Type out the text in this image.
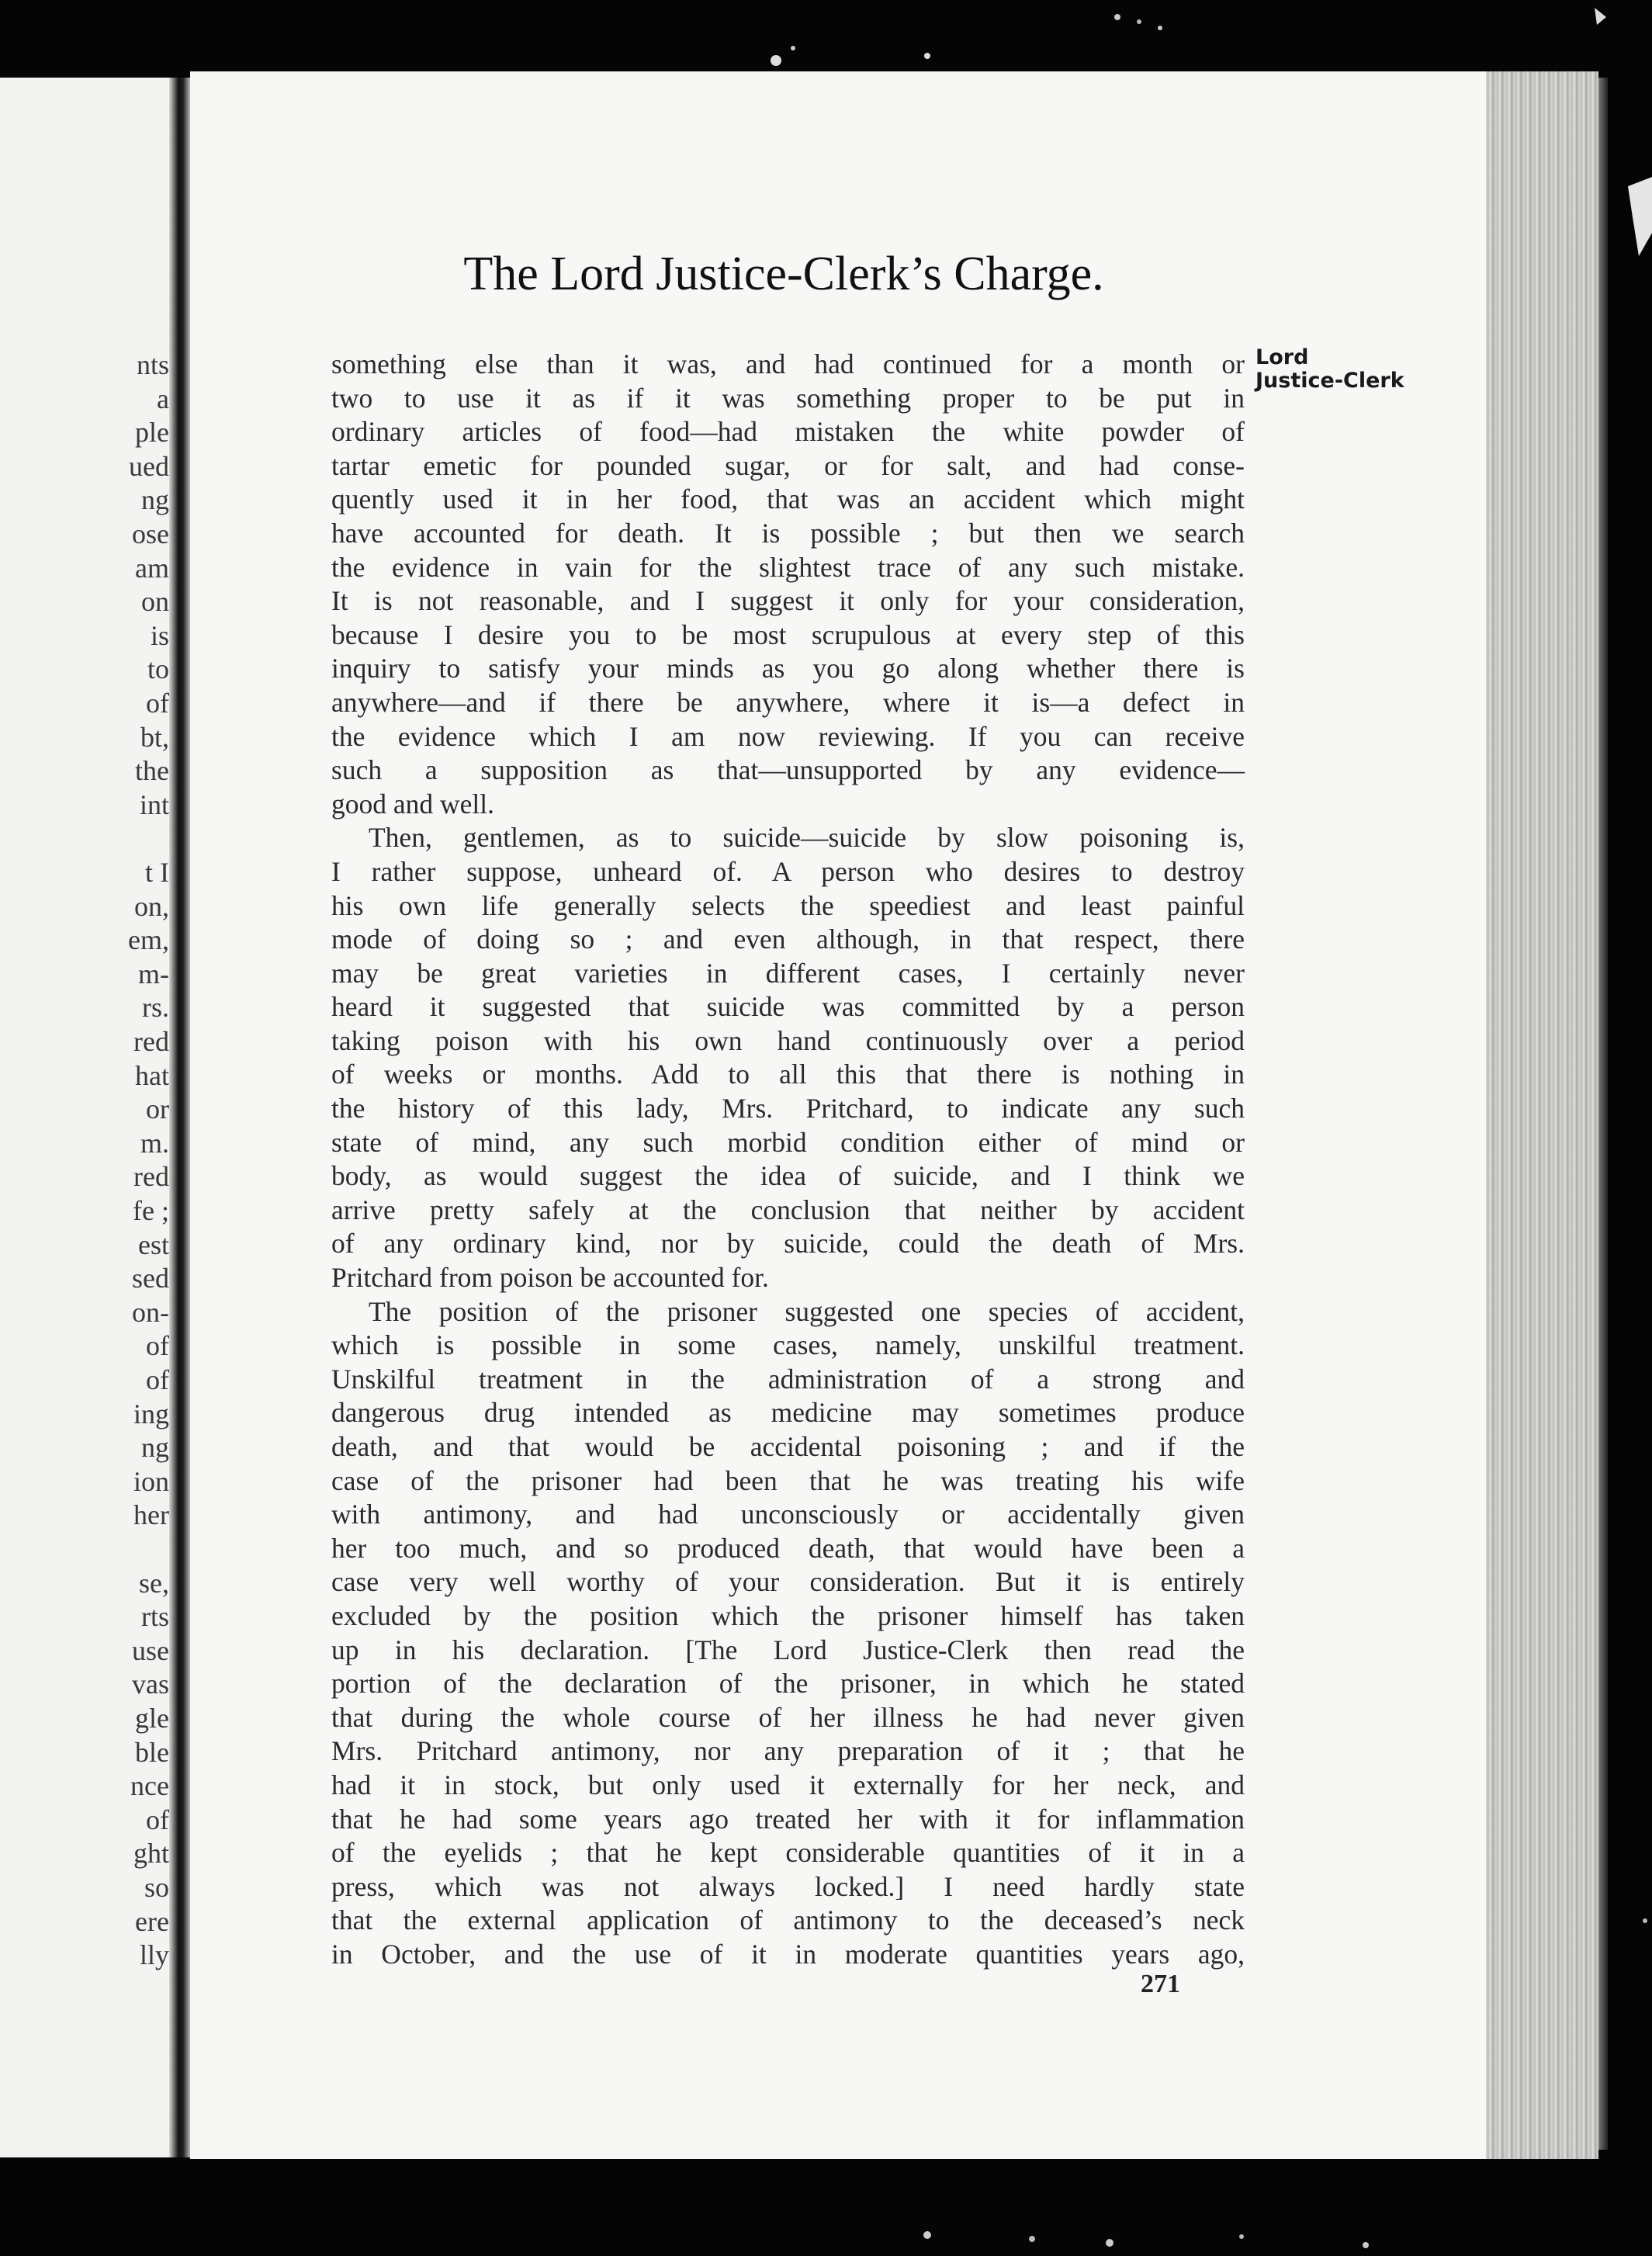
nts
a
ple
ued
ng
ose
am
on
is
to
of
bt,
the
int
t I
on,
em,
m-
rs.
red
hat
or
m.
red
fe ;
est
sed
on-
of
of
ing
ng
ion
her
se,
rts
use
vas
gle
ble
nce
of
ght
so
ere
lly
The Lord Justice-Clerk’s Charge.
Lord
Justice-Clerk
something else than it was, and had continued for a month or
two to use it as if it was something proper to be put in
ordinary articles of food—had mistaken the white powder of
tartar emetic for pounded sugar, or for salt, and had conse-
quently used it in her food, that was an accident which might
have accounted for death. It is possible ; but then we search
the evidence in vain for the slightest trace of any such mistake.
It is not reasonable, and I suggest it only for your consideration,
because I desire you to be most scrupulous at every step of this
inquiry to satisfy your minds as you go along whether there is
anywhere—and if there be anywhere, where it is—a defect in
the evidence which I am now reviewing. If you can receive
such a supposition as that—unsupported by any evidence—
good and well.
Then, gentlemen, as to suicide—suicide by slow poisoning is,
I rather suppose, unheard of. A person who desires to destroy
his own life generally selects the speediest and least painful
mode of doing so ; and even although, in that respect, there
may be great varieties in different cases, I certainly never
heard it suggested that suicide was committed by a person
taking poison with his own hand continuously over a period
of weeks or months. Add to all this that there is nothing in
the history of this lady, Mrs. Pritchard, to indicate any such
state of mind, any such morbid condition either of mind or
body, as would suggest the idea of suicide, and I think we
arrive pretty safely at the conclusion that neither by accident
of any ordinary kind, nor by suicide, could the death of Mrs.
Pritchard from poison be accounted for.
The position of the prisoner suggested one species of accident,
which is possible in some cases, namely, unskilful treatment.
Unskilful treatment in the administration of a strong and
dangerous drug intended as medicine may sometimes produce
death, and that would be accidental poisoning ; and if the
case of the prisoner had been that he was treating his wife
with antimony, and had unconsciously or accidentally given
her too much, and so produced death, that would have been a
case very well worthy of your consideration. But it is entirely
excluded by the position which the prisoner himself has taken
up in his declaration. [The Lord Justice-Clerk then read the
portion of the declaration of the prisoner, in which he stated
that during the whole course of her illness he had never given
Mrs. Pritchard antimony, nor any preparation of it ; that he
had it in stock, but only used it externally for her neck, and
that he had some years ago treated her with it for inflammation
of the eyelids ; that he kept considerable quantities of it in a
press, which was not always locked.] I need hardly state
that the external application of antimony to the deceased’s neck
in October, and the use of it in moderate quantities years ago,
271
